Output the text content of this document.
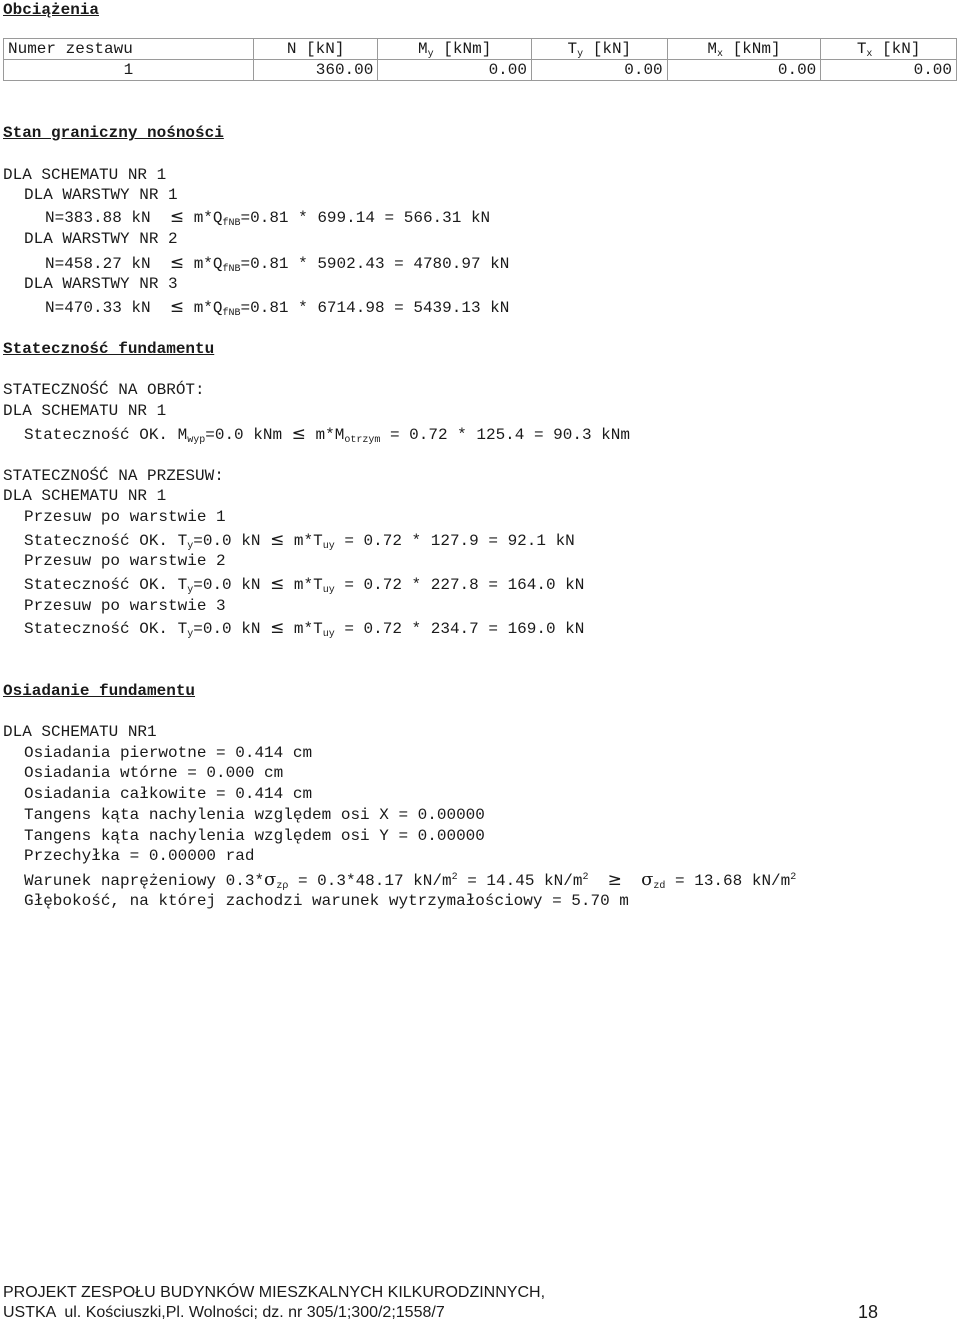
Obciążenia
Numer zestawu	N [kN]	$M_y$ [kNm]	$T_y$ [kN]	$M_x$ [kNm]	$T_x$ [kN]
1	360.00	0.00	0.00	0.00	0.00
Stan graniczny nośności
DLA SCHEMATU NR 1
DLA WARSTWY NR 1
N=383.88 kN ≤ $m*Q_{fNB}=0.81 * 699.14 = 566.31$ kN
DLA WARSTWY NR 2
N=458.27 kN ≤ $m*Q_{fNB}=0.81 * 5902.43 = 4780.97$ kN
DLA WARSTWY NR 3
N=470.33 kN ≤ $m*Q_{fNB}=0.81 * 6714.98 = 5439.13$ kN
Stateczność fundamentu
STATECZNOŚĆ NA OBRÓT:
DLA SCHEMATU NR 1
Stateczność OK. $M_{wyp}=0.0$ kNm ≤ $m*M_{otrzym} = 0.72 * 125.4 = 90.3$ kNm
STATECZNOŚĆ NA PRZESUW:
DLA SCHEMATU NR 1
Przesuw po warstwie 1
Stateczność OK. $T_y=0.0$ kN ≤ $m*T_{uy} = 0.72 * 127.9 = 92.1$ kN
Przesuw po warstwie 2
Stateczność OK. $T_y=0.0$ kN ≤ $m*T_{uy} = 0.72 * 227.8 = 164.0$ kN
Przesuw po warstwie 3
Stateczność OK. $T_y=0.0$ kN ≤ $m*T_{uy} = 0.72 * 234.7 = 169.0$ kN
Osiadanie fundamentu
DLA SCHEMATU NR1
Osiadania pierwotne = 0.414 cm
Osiadania wtórne = 0.000 cm
Osiadania całkowite = 0.414 cm
Tangens kąta nachylenia względem osi X = 0.00000
Tangens kąta nachylenia względem osi Y = 0.00000
Przechyłka = 0.00000 rad
Warunek naprężeniowy $0.3*\sigma_{z\rho} = 0.3*48.17$ $kN/m^2 = 14.45$ $kN/m^2 \ge \sigma_{zd} = 13.68$ $kN/m^2$
Głębokość, na której zachodzi warunek wytrzymałościowy = 5.70 m
PROJEKT ZESPOŁU BUDYNKÓW MIESZKALNYCH KILKURODZINNYCH,
USTKA  ul. Kościuszki,Pl. Wolności; dz. nr 305/1;300/2;1558/7	18
